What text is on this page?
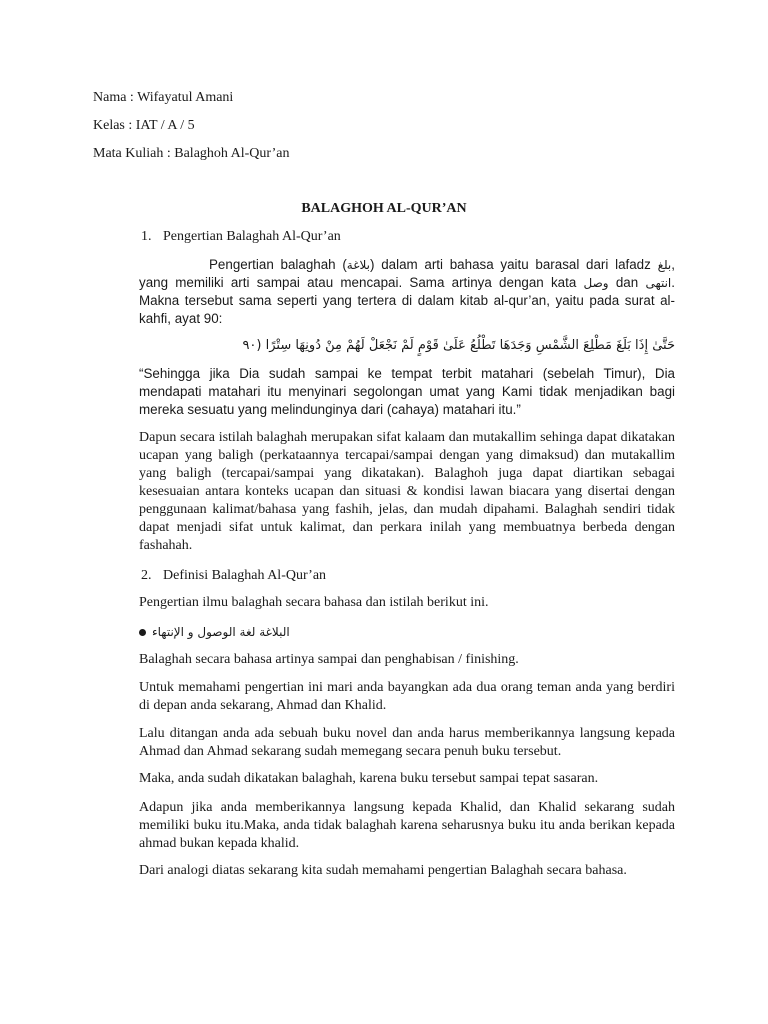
Nama : Wifayatul Amani
Kelas : IAT / A / 5
Mata Kuliah : Balaghoh Al-Qur’an
BALAGHOH AL-QUR’AN
1. Pengertian Balaghah Al-Qur’an
Pengertian balaghah (بلاغة) dalam arti bahasa yaitu barasal dari lafadz بلغ, yang memiliki arti sampai atau mencapai. Sama artinya dengan kata وصل dan انتهى. Makna tersebut sama seperti yang tertera di dalam kitab al-qur’an, yaitu pada surat al-kahfi, ayat 90:
حَتَّىٰ إِذَا بَلَغَ مَطْلِعَ الشَّمْسِ وَجَدَهَا تَطْلُعُ عَلَىٰ قَوْمٍ لَمْ نَجْعَلْ لَهُمْ مِنْ دُونِهَا سِتْرًا (٩٠
“Sehingga jika Dia sudah sampai ke tempat terbit matahari (sebelah Timur), Dia mendapati matahari itu menyinari segolongan umat yang Kami tidak menjadikan bagi mereka sesuatu yang melindunginya dari (cahaya) matahari itu.”
Dapun secara istilah balaghah merupakan sifat kalaam dan mutakallim sehinga dapat dikatakan ucapan yang baligh (perkataannya tercapai/sampai dengan yang dimaksud) dan mutakallim yang baligh (tercapai/sampai yang dikatakan). Balaghoh juga dapat diartikan sebagai kesesuaian antara konteks ucapan dan situasi & kondisi lawan biacara yang disertai dengan penggunaan kalimat/bahasa yang fashih, jelas, dan mudah dipahami. Balaghah sendiri tidak dapat menjadi sifat untuk kalimat, dan perkara inilah yang membuatnya berbeda dengan fashahah.
2. Definisi Balaghah Al-Qur’an
Pengertian ilmu balaghah secara bahasa dan istilah berikut ini.
البلاغة لغة الوصول و الإنتهاء
Balaghah secara bahasa artinya sampai dan penghabisan / finishing.
Untuk memahami pengertian ini mari anda bayangkan ada dua orang teman anda yang berdiri di depan anda sekarang, Ahmad dan Khalid.
Lalu ditangan anda ada sebuah buku novel dan anda harus memberikannya langsung kepada Ahmad dan Ahmad sekarang sudah memegang secara penuh buku tersebut.
Maka, anda sudah dikatakan balaghah, karena buku tersebut sampai tepat sasaran.
Adapun jika anda memberikannya langsung kepada Khalid, dan Khalid sekarang sudah memiliki buku itu.Maka, anda tidak balaghah karena seharusnya buku itu anda berikan kepada ahmad bukan kepada khalid.
Dari analogi diatas sekarang kita sudah memahami pengertian Balaghah secara bahasa.
